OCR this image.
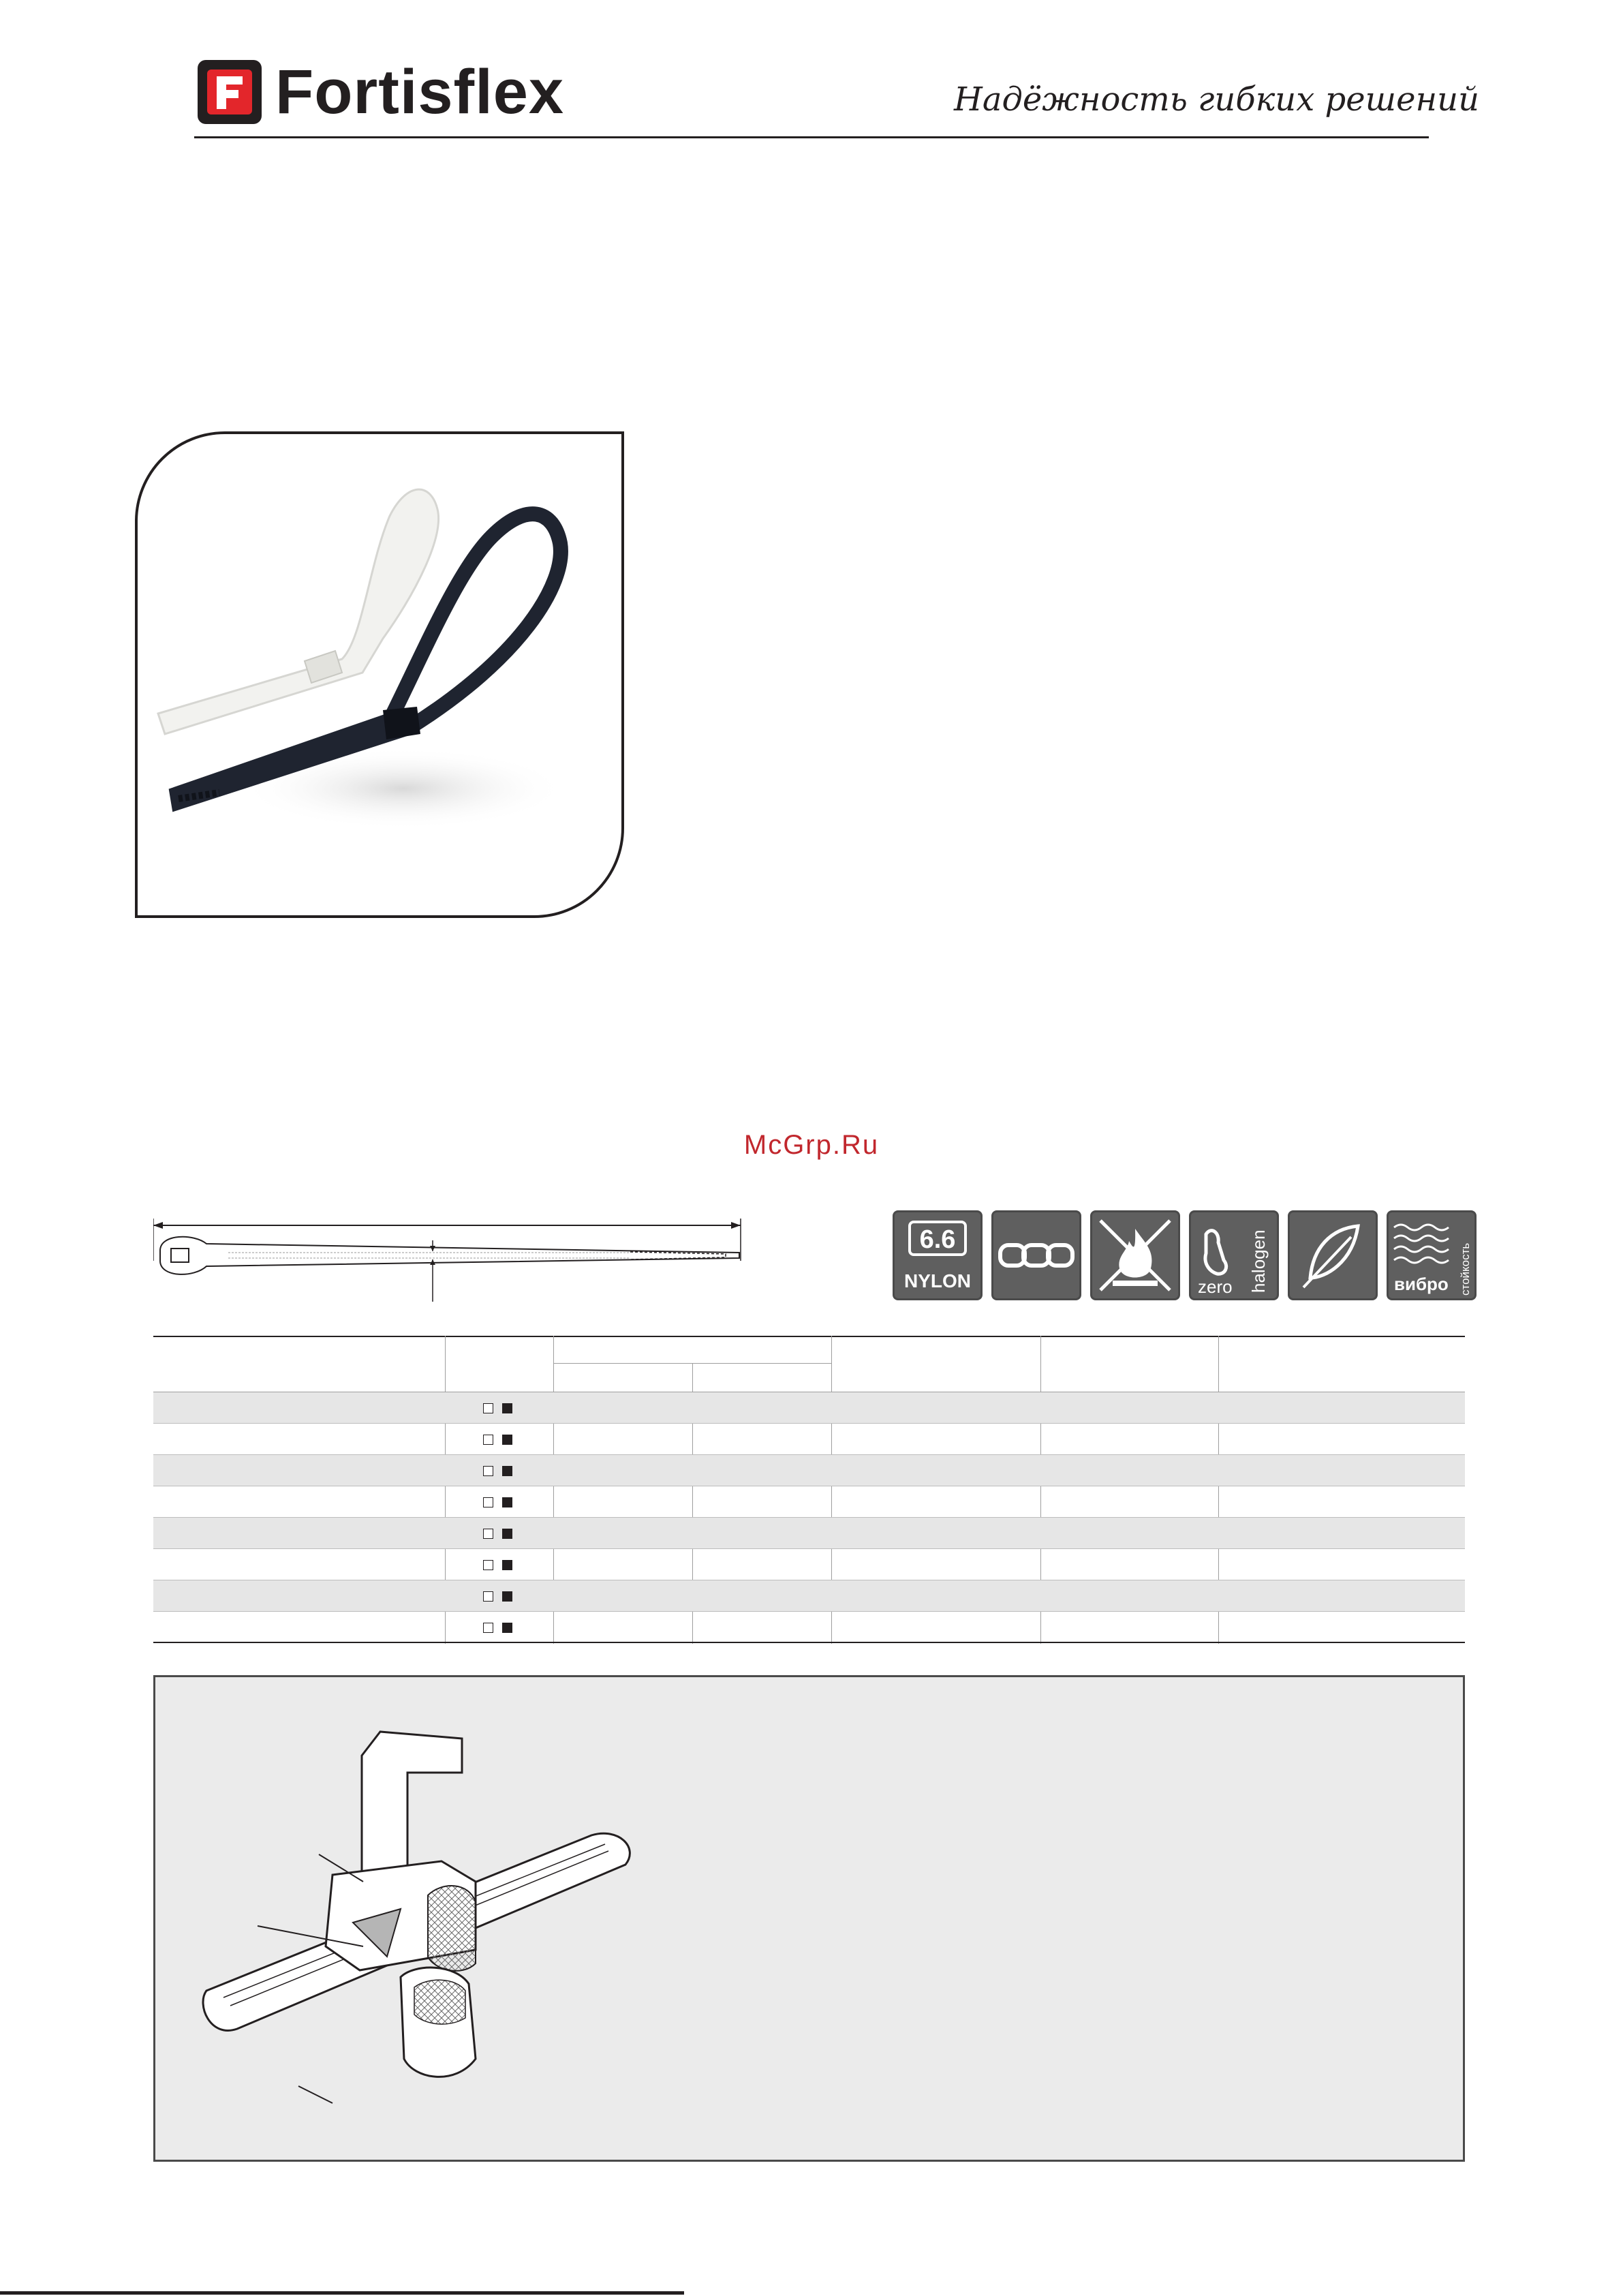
Fortisflex	Надёжность гибких решений
McGrp.Ru
6.6
NYLON	zero halogen	вибро стойкость
